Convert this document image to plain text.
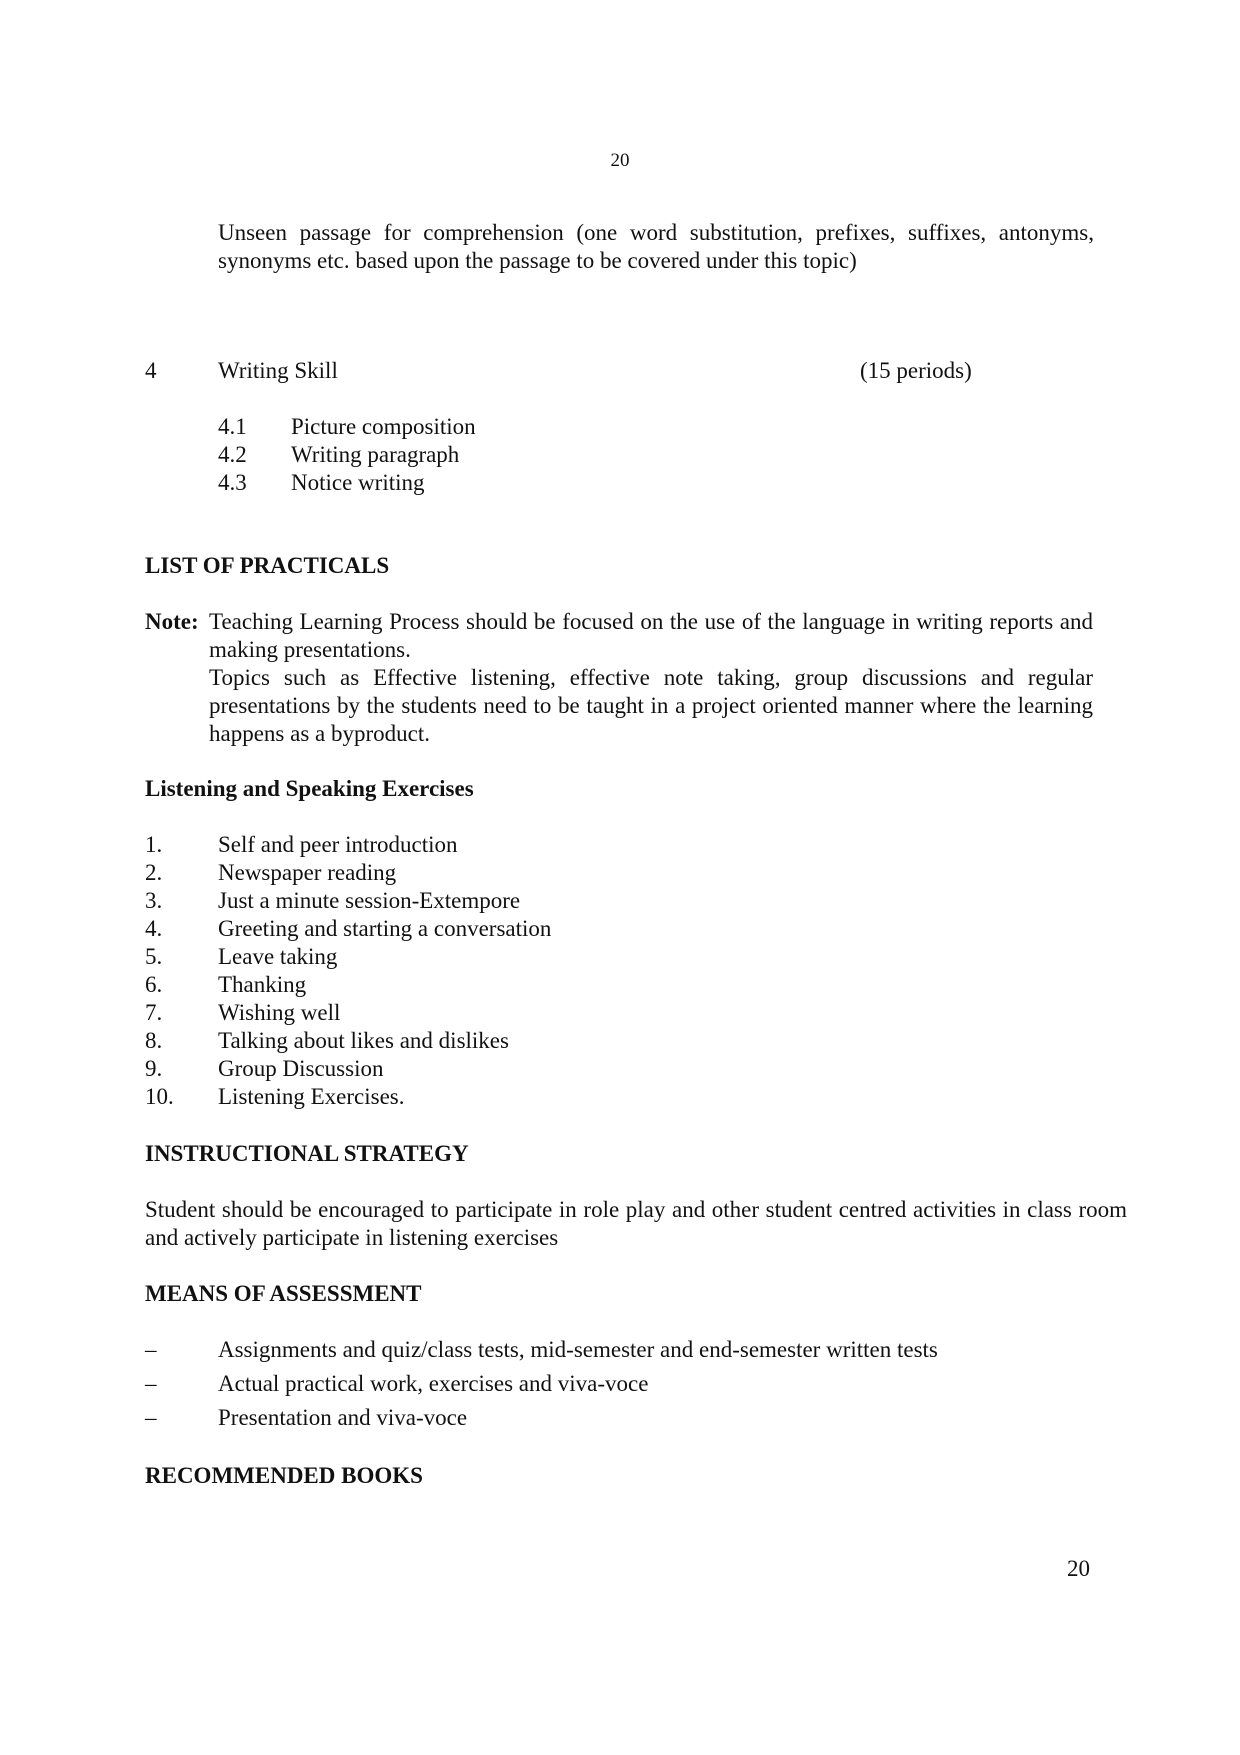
20
Unseen passage for comprehension (one word substitution, prefixes, suffixes, antonyms, synonyms etc. based upon the passage to be covered under this topic)
4	Writing Skill	(15 periods)
4.1 Picture composition
4.2 Writing paragraph
4.3 Notice writing
LIST OF PRACTICALS
Note: Teaching Learning Process should be focused on the use of the language in writing reports and making presentations.

Topics such as Effective listening, effective note taking, group discussions and regular presentations by the students need to be taught in a project oriented manner where the learning happens as a byproduct.

Listening and Speaking Exercises
1. Self and peer introduction
2. Newspaper reading
3. Just a minute session-Extempore
4. Greeting and starting a conversation
5. Leave taking
6. Thanking
7. Wishing well
8. Talking about likes and dislikes
9. Group Discussion
10. Listening Exercises.
INSTRUCTIONAL STRATEGY
Student should be encouraged to participate in role play and other student centred activities in class room and actively participate in listening exercises
MEANS OF ASSESSMENT
–	Assignments and quiz/class tests, mid-semester and end-semester written tests
–	Actual practical work, exercises and viva-voce
–	Presentation and viva-voce
RECOMMENDED BOOKS
20
